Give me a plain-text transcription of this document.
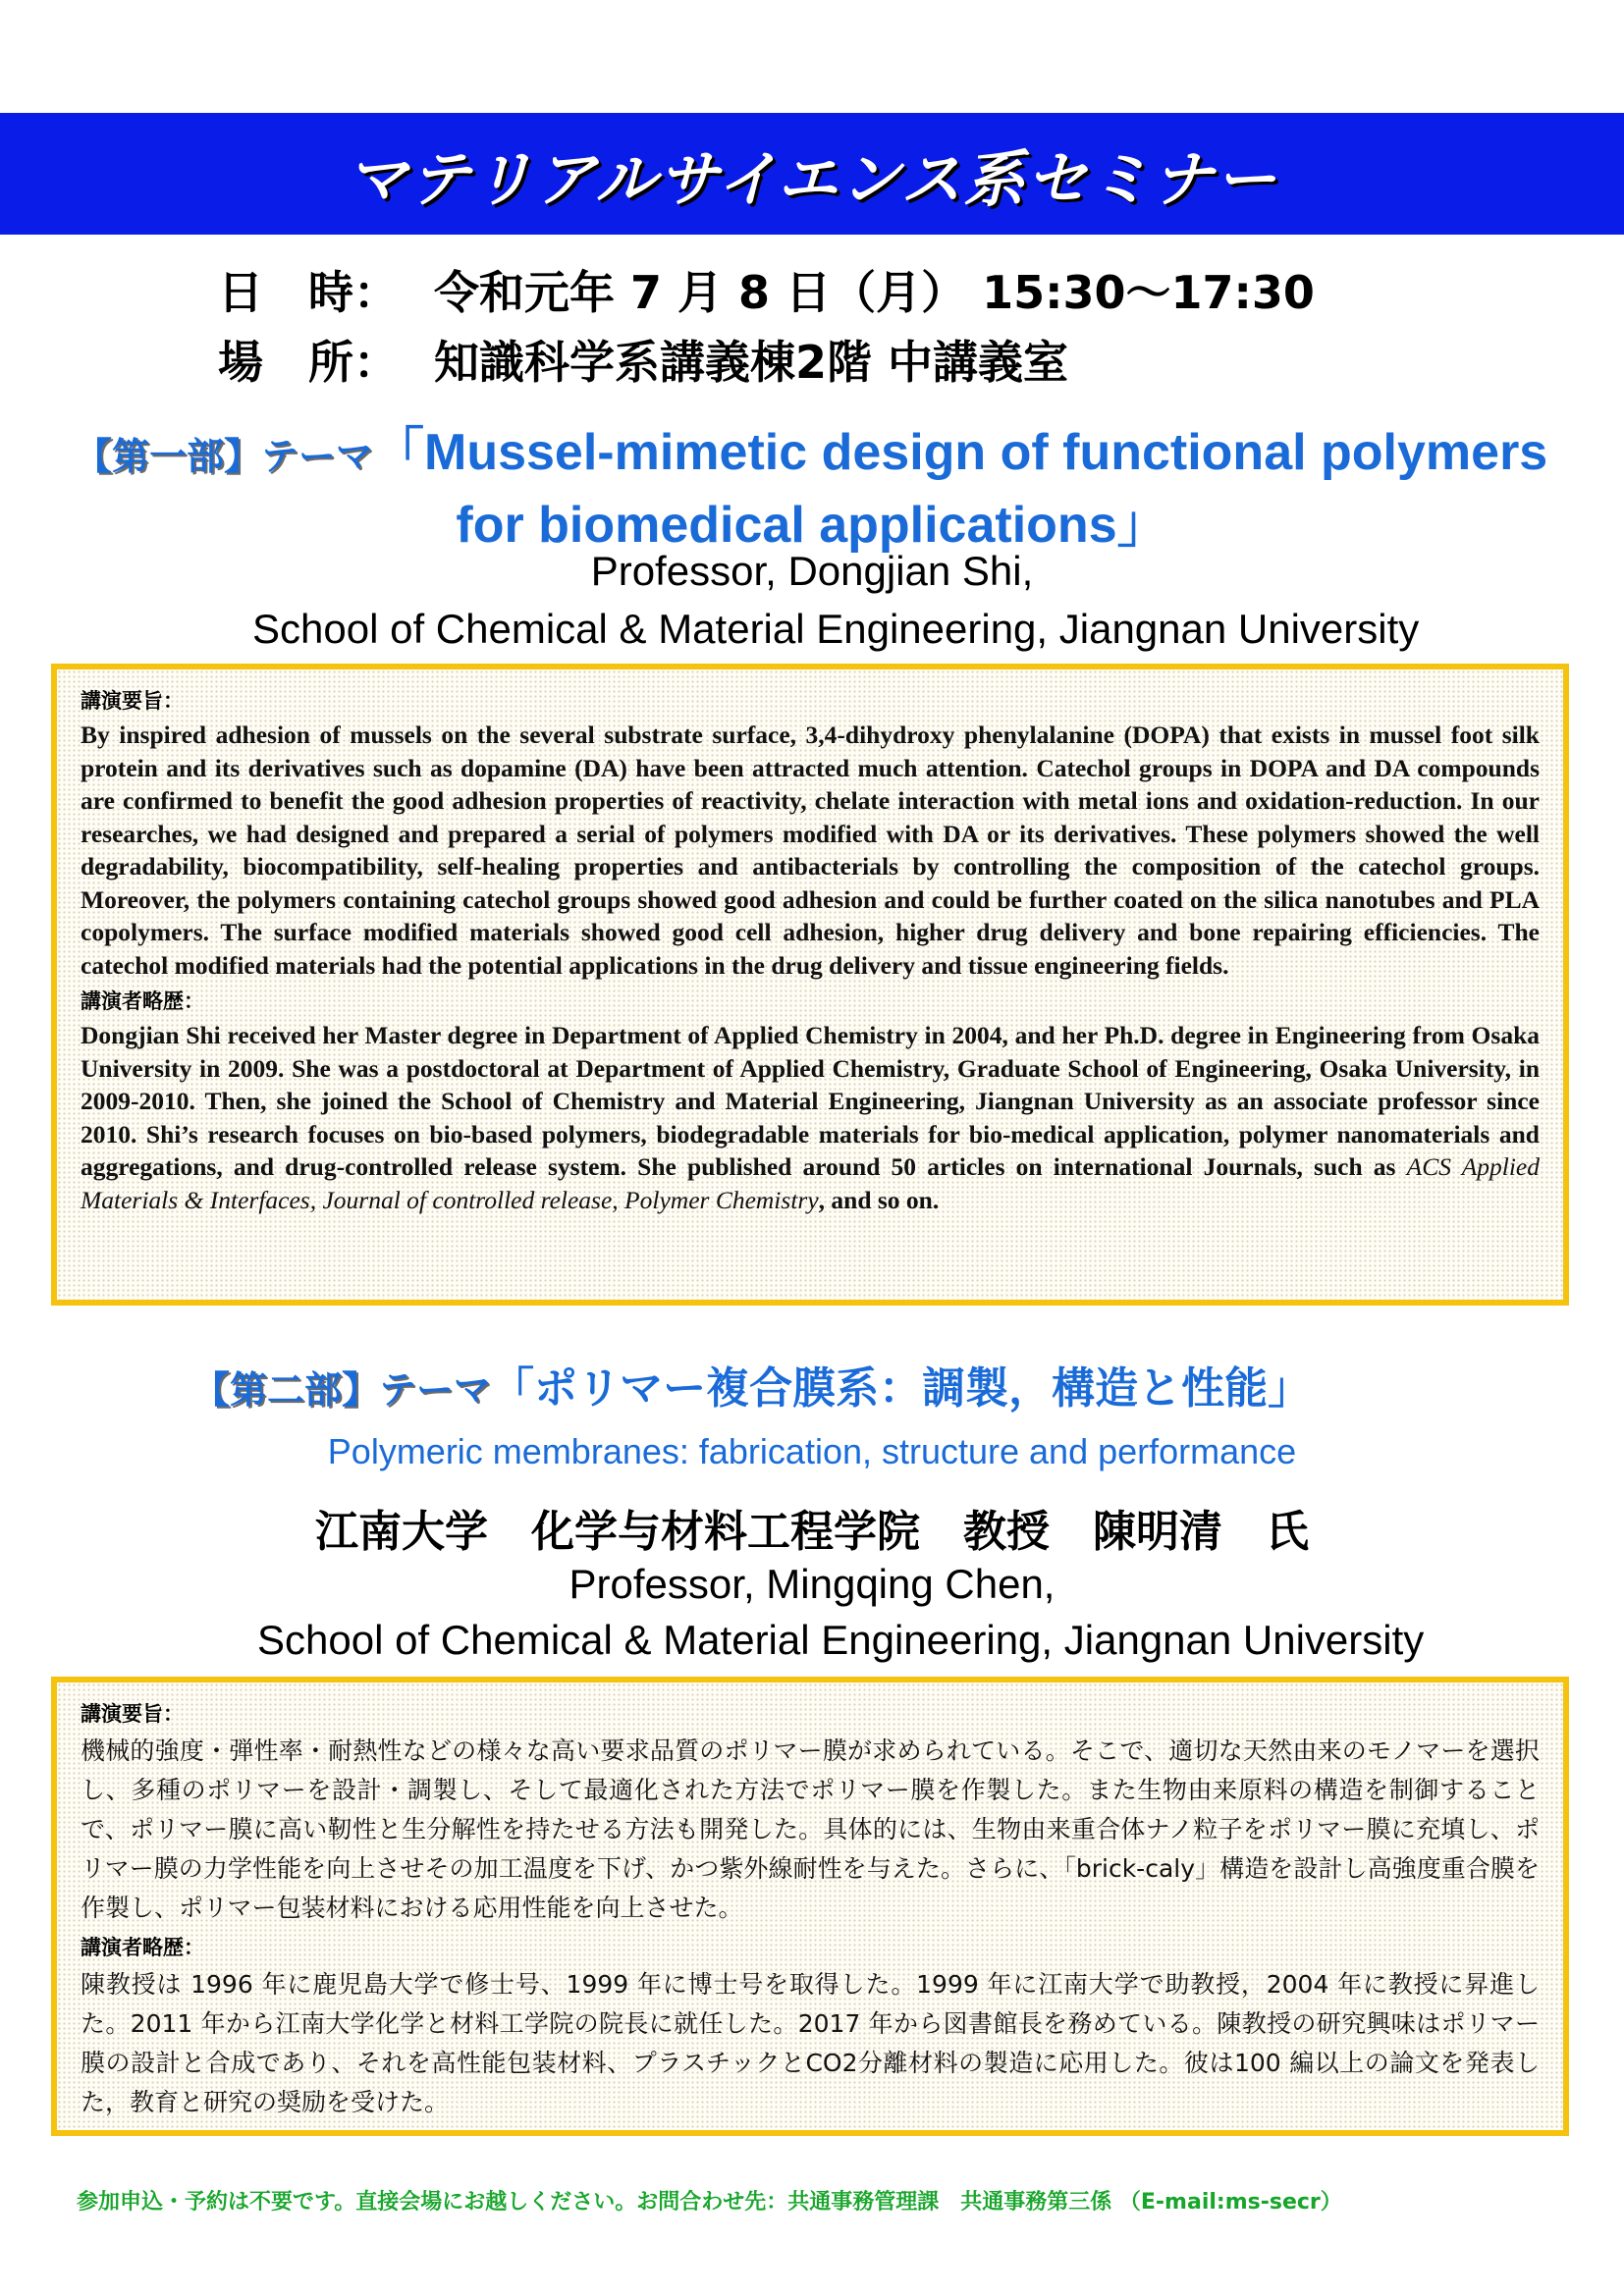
マテリアルサイエンス系セミナー
日　時： 令和元年 7 月 8 日（月） 15:30～17:30
場　所： 知識科学系講義棟2階 中講義室
【第一部】テーマ「Mussel-mimetic design of functional polymers
for biomedical applications」
Professor, Dongjian Shi,
School of Chemical & Material Engineering, Jiangnan University
講演要旨：

By inspired adhesion of mussels on the several substrate surface, 3,4-dihydroxy phenylalanine (DOPA) that exists in mussel foot silk protein and its derivatives such as dopamine (DA) have been attracted much attention. Catechol groups in DOPA and DA compounds are confirmed to benefit the good adhesion properties of reactivity, chelate interaction with metal ions and oxidation-reduction. In our researches, we had designed and prepared a serial of polymers modified with DA or its derivatives. These polymers showed the well degradability, biocompatibility, self-healing properties and antibacterials by controlling the composition of the catechol groups. Moreover, the polymers containing catechol groups showed good adhesion and could be further coated on the silica nanotubes and PLA copolymers. The surface modified materials showed good cell adhesion, higher drug delivery and bone repairing efficiencies. The catechol modified materials had the potential applications in the drug delivery and tissue engineering fields.

講演者略歴：

Dongjian Shi received her Master degree in Department of Applied Chemistry in 2004, and her Ph.D. degree in Engineering from Osaka University in 2009. She was a postdoctoral at Department of Applied Chemistry, Graduate School of Engineering, Osaka University, in 2009-2010. Then, she joined the School of Chemistry and Material Engineering, Jiangnan University as an associate professor since 2010. Shi’s research focuses on bio-based polymers, biodegradable materials for bio-medical application, polymer nanomaterials and aggregations, and drug-controlled release system. She published around 50 articles on international Journals, such as ACS Applied Materials & Interfaces, Journal of controlled release, Polymer Chemistry, and so on.

【第二部】テーマ「ポリマー複合膜系：調製，構造と性能」
Polymeric membranes: fabrication, structure and performance
江南大学　化学与材料工程学院　教授　陳明清　氏
Professor, Mingqing Chen,
School of Chemical & Material Engineering, Jiangnan University
講演要旨：

機械的強度・弾性率・耐熱性などの様々な高い要求品質のポリマー膜が求められている。そこで、適切な天然由来のモノマーを選択し、多種のポリマーを設計・調製し、そして最適化された方法でポリマー膜を作製した。また生物由来原料の構造を制御することで、ポリマー膜に高い靭性と生分解性を持たせる方法も開発した。具体的には、生物由来重合体ナノ粒子をポリマー膜に充填し、ポリマー膜の力学性能を向上させその加工温度を下げ、かつ紫外線耐性を与えた。さらに、「brick-caly」構造を設計し高強度重合膜を作製し、ポリマー包装材料における応用性能を向上させた。

講演者略歴：

陳教授は 1996 年に鹿児島大学で修士号、1999 年に博士号を取得した。1999 年に江南大学で助教授，2004 年に教授に昇進した。2011 年から江南大学化学と材料工学院の院長に就任した。2017 年から図書館長を務めている。陳教授の研究興味はポリマー膜の設計と合成であり、それを高性能包装材料、プラスチックとCO2分離材料の製造に応用した。彼は100 編以上の論文を発表した，教育と研究の奨励を受けた。

参加申込・予約は不要です。直接会場にお越しください。お問合わせ先：共通事務管理課　共通事務第三係 （E-mail:ms-secr）
